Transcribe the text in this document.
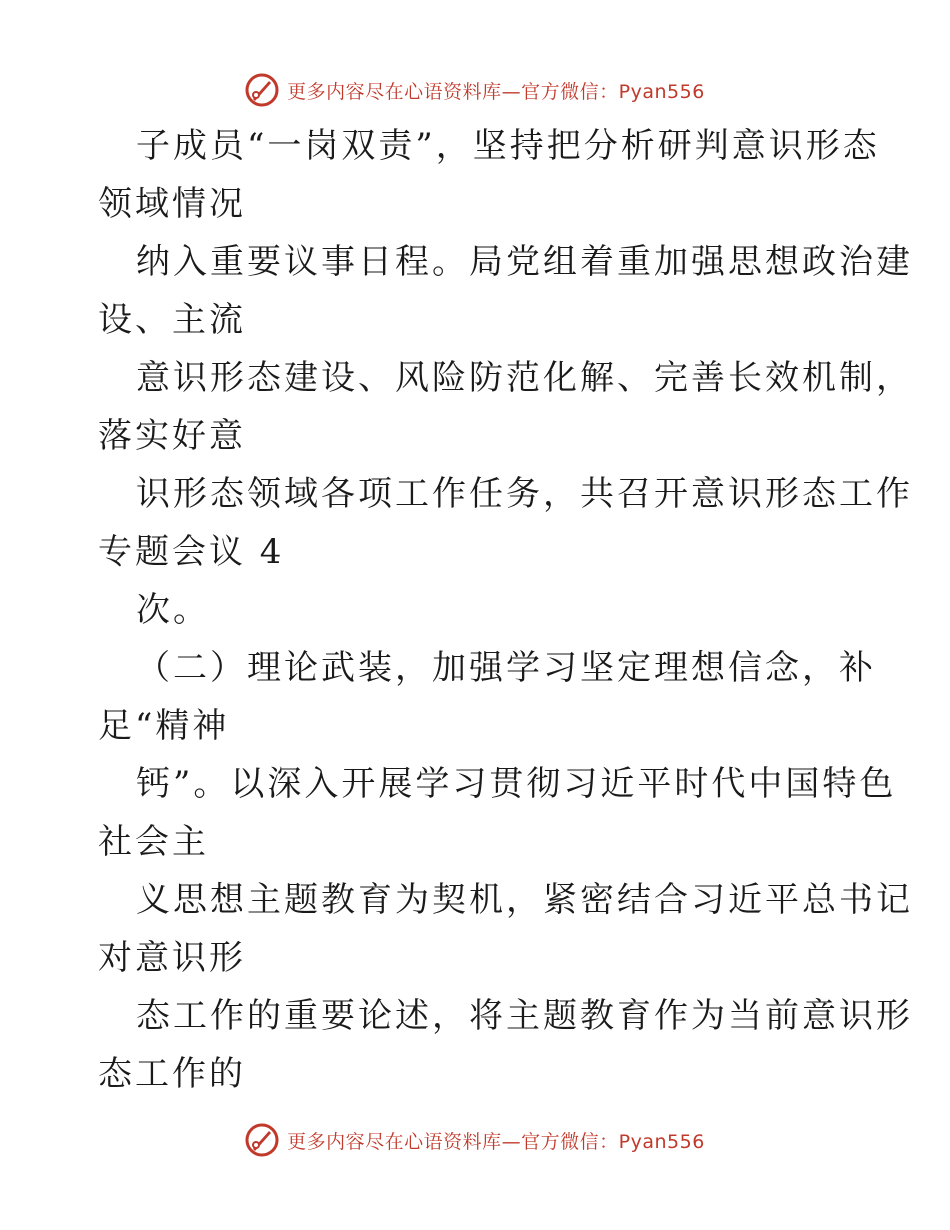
更多内容尽在心语资料库—官方微信：Pyan556
子成员“一岗双责”，坚持把分析研判意识形态
领域情况
纳入重要议事日程。局党组着重加强思想政治建
设、主流
意识形态建设、风险防范化解、完善长效机制，
落实好意
识形态领域各项工作任务，共召开意识形态工作
专题会议 4
次。
（二）理论武装，加强学习坚定理想信念，补
足“精神
钙”。以深入开展学习贯彻习近平时代中国特色
社会主
义思想主题教育为契机，紧密结合习近平总书记
对意识形
态工作的重要论述，将主题教育作为当前意识形
态工作的
更多内容尽在心语资料库—官方微信：Pyan556
